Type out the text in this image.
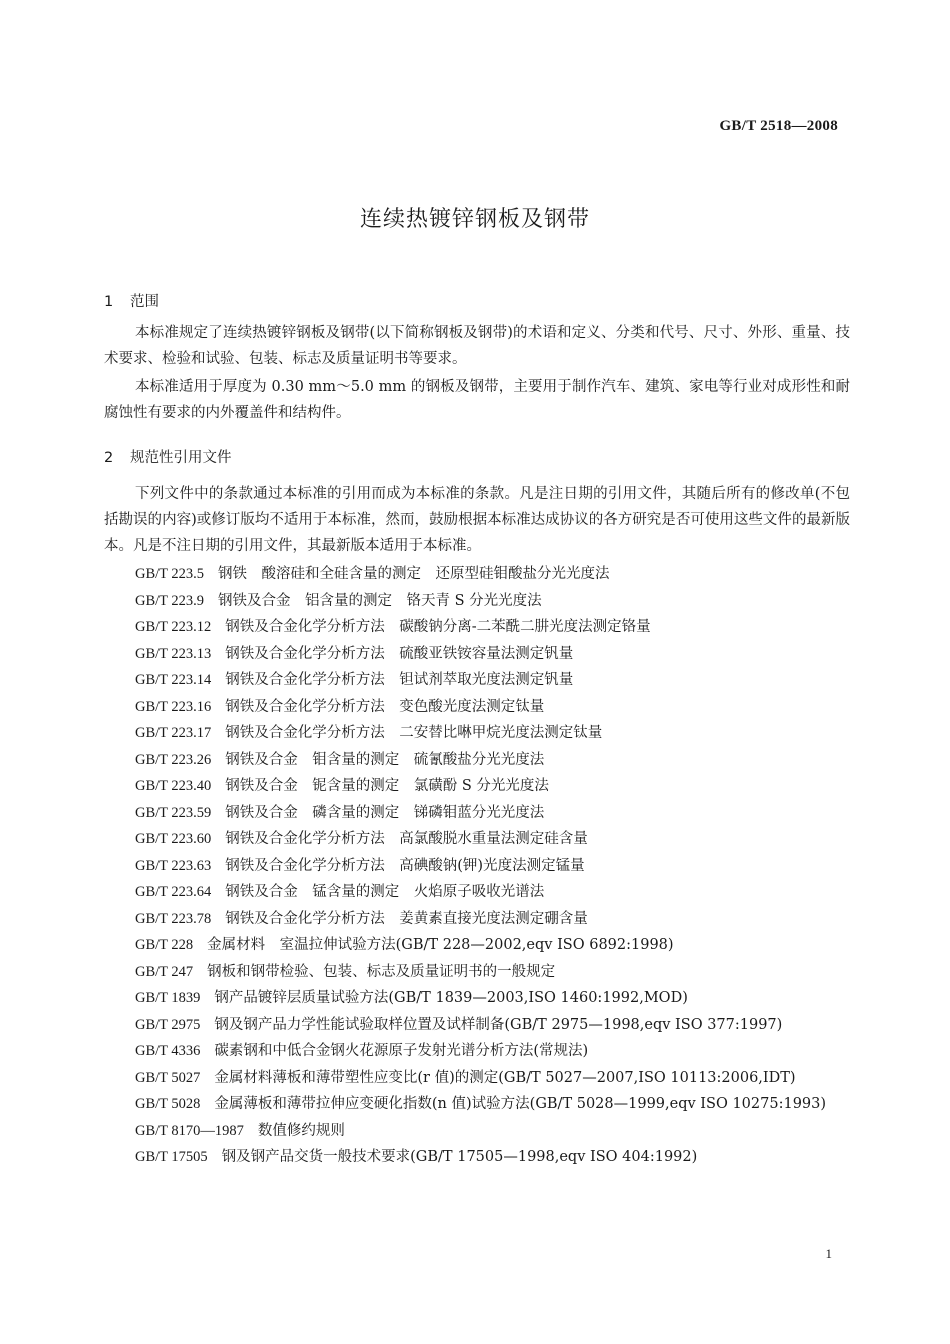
GB/T 2518—2008
连续热镀锌钢板及钢带
1 范围
本标准规定了连续热镀锌钢板及钢带(以下简称钢板及钢带)的术语和定义、分类和代号、尺寸、外形、重量、技术要求、检验和试验、包装、标志及质量证明书等要求。
本标准适用于厚度为 0.30 mm～5.0 mm 的钢板及钢带，主要用于制作汽车、建筑、家电等行业对成形性和耐腐蚀性有要求的内外覆盖件和结构件。
2 规范性引用文件
下列文件中的条款通过本标准的引用而成为本标准的条款。凡是注日期的引用文件，其随后所有的修改单(不包括勘误的内容)或修订版均不适用于本标准，然而，鼓励根据本标准达成协议的各方研究是否可使用这些文件的最新版本。凡是不注日期的引用文件，其最新版本适用于本标准。
GB/T 223.5 钢铁　酸溶硅和全硅含量的测定　还原型硅钼酸盐分光光度法
GB/T 223.9 钢铁及合金　铝含量的测定　铬天青 S 分光光度法
GB/T 223.12 钢铁及合金化学分析方法　碳酸钠分离-二苯酰二肼光度法测定铬量
GB/T 223.13 钢铁及合金化学分析方法　硫酸亚铁铵容量法测定钒量
GB/T 223.14 钢铁及合金化学分析方法　钽试剂萃取光度法测定钒量
GB/T 223.16 钢铁及合金化学分析方法　变色酸光度法测定钛量
GB/T 223.17 钢铁及合金化学分析方法　二安替比啉甲烷光度法测定钛量
GB/T 223.26 钢铁及合金　钼含量的测定　硫氰酸盐分光光度法
GB/T 223.40 钢铁及合金　铌含量的测定　氯磺酚 S 分光光度法
GB/T 223.59 钢铁及合金　磷含量的测定　锑磷钼蓝分光光度法
GB/T 223.60 钢铁及合金化学分析方法　高氯酸脱水重量法测定硅含量
GB/T 223.63 钢铁及合金化学分析方法　高碘酸钠(钾)光度法测定锰量
GB/T 223.64 钢铁及合金　锰含量的测定　火焰原子吸收光谱法
GB/T 223.78 钢铁及合金化学分析方法　姜黄素直接光度法测定硼含量
GB/T 228 金属材料　室温拉伸试验方法(GB/T 228—2002,eqv ISO 6892:1998)
GB/T 247 钢板和钢带检验、包装、标志及质量证明书的一般规定
GB/T 1839 钢产品镀锌层质量试验方法(GB/T 1839—2003,ISO 1460:1992,MOD)
GB/T 2975 钢及钢产品力学性能试验取样位置及试样制备(GB/T 2975—1998,eqv ISO 377:1997)
GB/T 4336 碳素钢和中低合金钢火花源原子发射光谱分析方法(常规法)
GB/T 5027 金属材料薄板和薄带塑性应变比(r 值)的测定(GB/T 5027—2007,ISO 10113:2006,IDT)
GB/T 5028 金属薄板和薄带拉伸应变硬化指数(n 值)试验方法(GB/T 5028—1999,eqv ISO 10275:1993)
GB/T 8170—1987 数值修约规则
GB/T 17505 钢及钢产品交货一般技术要求(GB/T 17505—1998,eqv ISO 404:1992)
1
